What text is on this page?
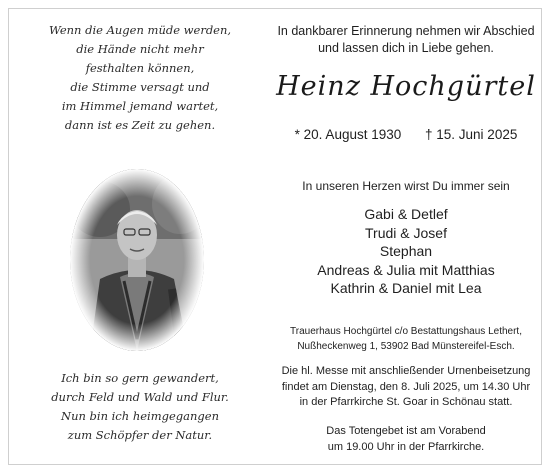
Wenn die Augen müde werden,
die Hände nicht mehr
festhalten können,
die Stimme versagt und
im Himmel jemand wartet,
dann ist es Zeit zu gehen.
Ich bin so gern gewandert,
durch Feld und Wald und Flur.
Nun bin ich heimgegangen
zum Schöpfer der Natur.
In dankbarer Erinnerung nehmen wir Abschied
und lassen dich in Liebe gehen.
Heinz Hochgürtel
* 20. August 1930 † 15. Juni 2025
In unseren Herzen wirst Du immer sein
Gabi & Detlef
Trudi & Josef
Stephan
Andreas & Julia mit Matthias
Kathrin & Daniel mit Lea
Trauerhaus Hochgürtel c/o Bestattungshaus Lethert,
Nußheckenweg 1, 53902 Bad Münstereifel-Esch.
Die hl. Messe mit anschließender Urnenbeisetzung
findet am Dienstag, den 8. Juli 2025, um 14.30 Uhr
in der Pfarrkirche St. Goar in Schönau statt.
Das Totengebet ist am Vorabend
um 19.00 Uhr in der Pfarrkirche.
